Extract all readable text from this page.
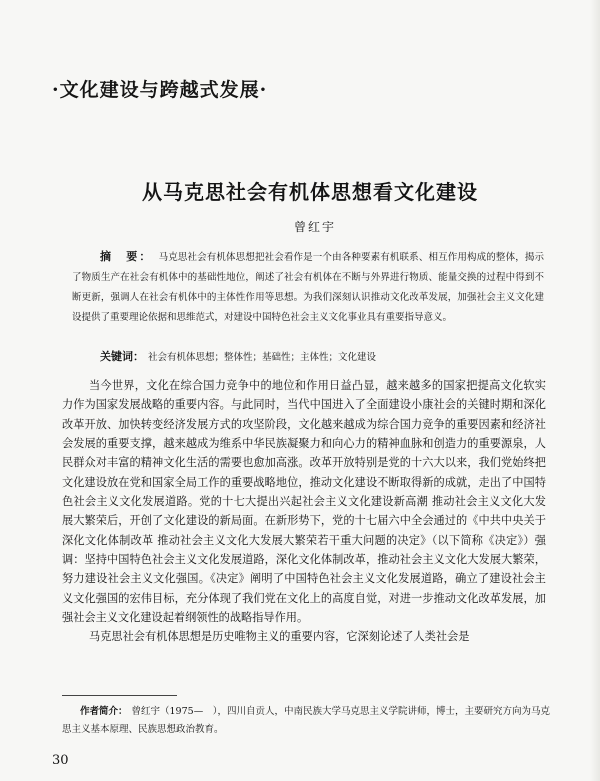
·文化建设与跨越式发展·
从马克思社会有机体思想看文化建设
曾红宇
摘　要： 马克思社会有机体思想把社会看作是一个由各种要素有机联系、相互作用构成的整体，揭示了物质生产在社会有机体中的基础性地位，阐述了社会有机体在不断与外界进行物质、能量交换的过程中得到不断更新，强调人在社会有机体中的主体性作用等思想。为我们深刻认识推动文化改革发展，加强社会主义文化建设提供了重要理论依据和思维范式，对建设中国特色社会主义文化事业具有重要指导意义。
关键词： 社会有机体思想；整体性；基础性；主体性；文化建设

当今世界，文化在综合国力竞争中的地位和作用日益凸显，越来越多的国家把提高文化软实力作为国家发展战略的重要内容。与此同时，当代中国进入了全面建设小康社会的关键时期和深化改革开放、加快转变经济发展方式的攻坚阶段，文化越来越成为综合国力竞争的重要因素和经济社会发展的重要支撑，越来越成为维系中华民族凝聚力和向心力的精神血脉和创造力的重要源泉，人民群众对丰富的精神文化生活的需要也愈加高涨。改革开放特别是党的十六大以来，我们党始终把文化建设放在党和国家全局工作的重要战略地位，推动文化建设不断取得新的成就，走出了中国特色社会主义文化发展道路。党的十七大提出兴起社会主义文化建设新高潮 推动社会主义文化大发展大繁荣后，开创了文化建设的新局面。在新形势下，党的十七届六中全会通过的《中共中央关于深化文化体制改革 推动社会主义文化大发展大繁荣若干重大问题的决定》（以下简称《决定》）强调：坚持中国特色社会主义文化发展道路，深化文化体制改革，推动社会主义文化大发展大繁荣，努力建设社会主义文化强国。《决定》阐明了中国特色社会主义文化发展道路，确立了建设社会主义文化强国的宏伟目标，充分体现了我们党在文化上的高度自觉，对进一步推动文化改革发展，加强社会主义文化建设起着纲领性的战略指导作用。

马克思社会有机体思想是历史唯物主义的重要内容，它深刻论述了人类社会是

作者简介： 曾红宇（1975—　），四川自贡人，中南民族大学马克思主义学院讲师，博士，主要研究方向为马克思主义基本原理、民族思想政治教育。
30
